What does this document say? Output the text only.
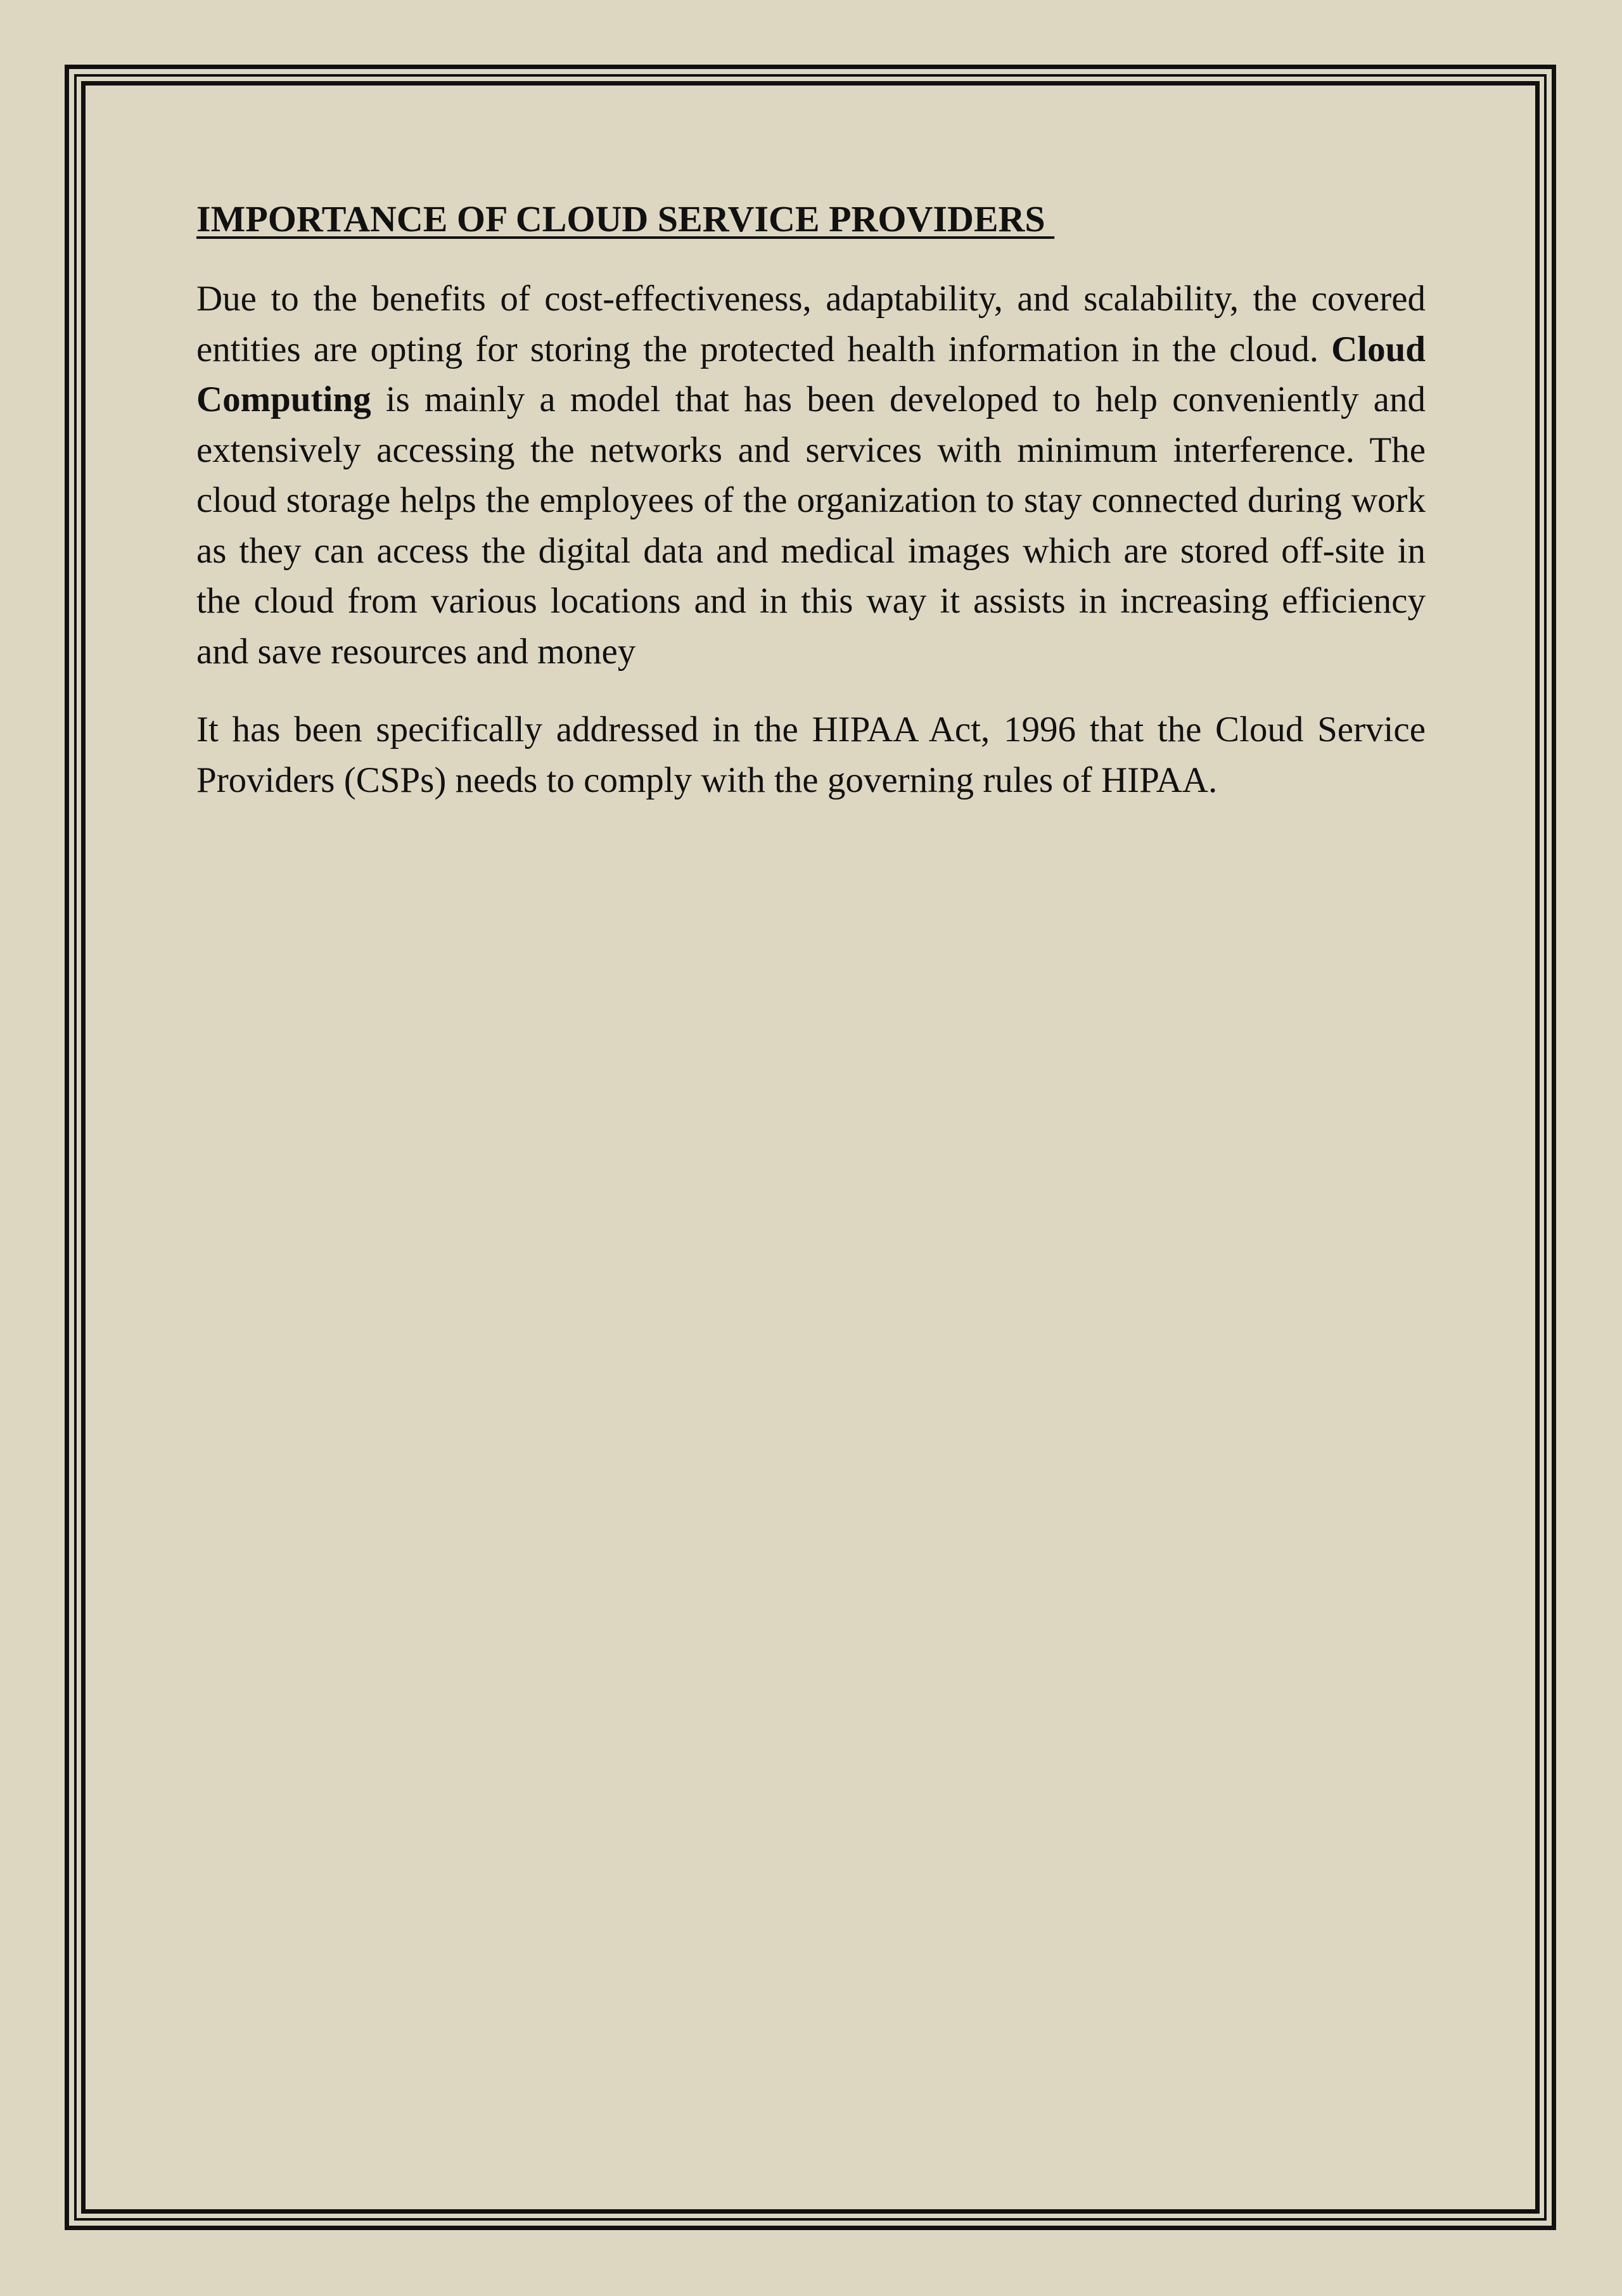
IMPORTANCE OF CLOUD SERVICE PROVIDERS

Due to the benefits of cost-effectiveness, adaptability, and scalability, the covered entities are opting for storing the protected health information in the cloud. Cloud Computing is mainly a model that has been developed to help conveniently and extensively accessing the networks and services with minimum interference. The cloud storage helps the employees of the organization to stay connected during work as they can access the digital data and medical images which are stored off-site in the cloud from various locations and in this way it assists in increasing efficiency and save resources and money

It has been specifically addressed in the HIPAA Act, 1996 that the Cloud Service Providers (CSPs) needs to comply with the governing rules of HIPAA.
